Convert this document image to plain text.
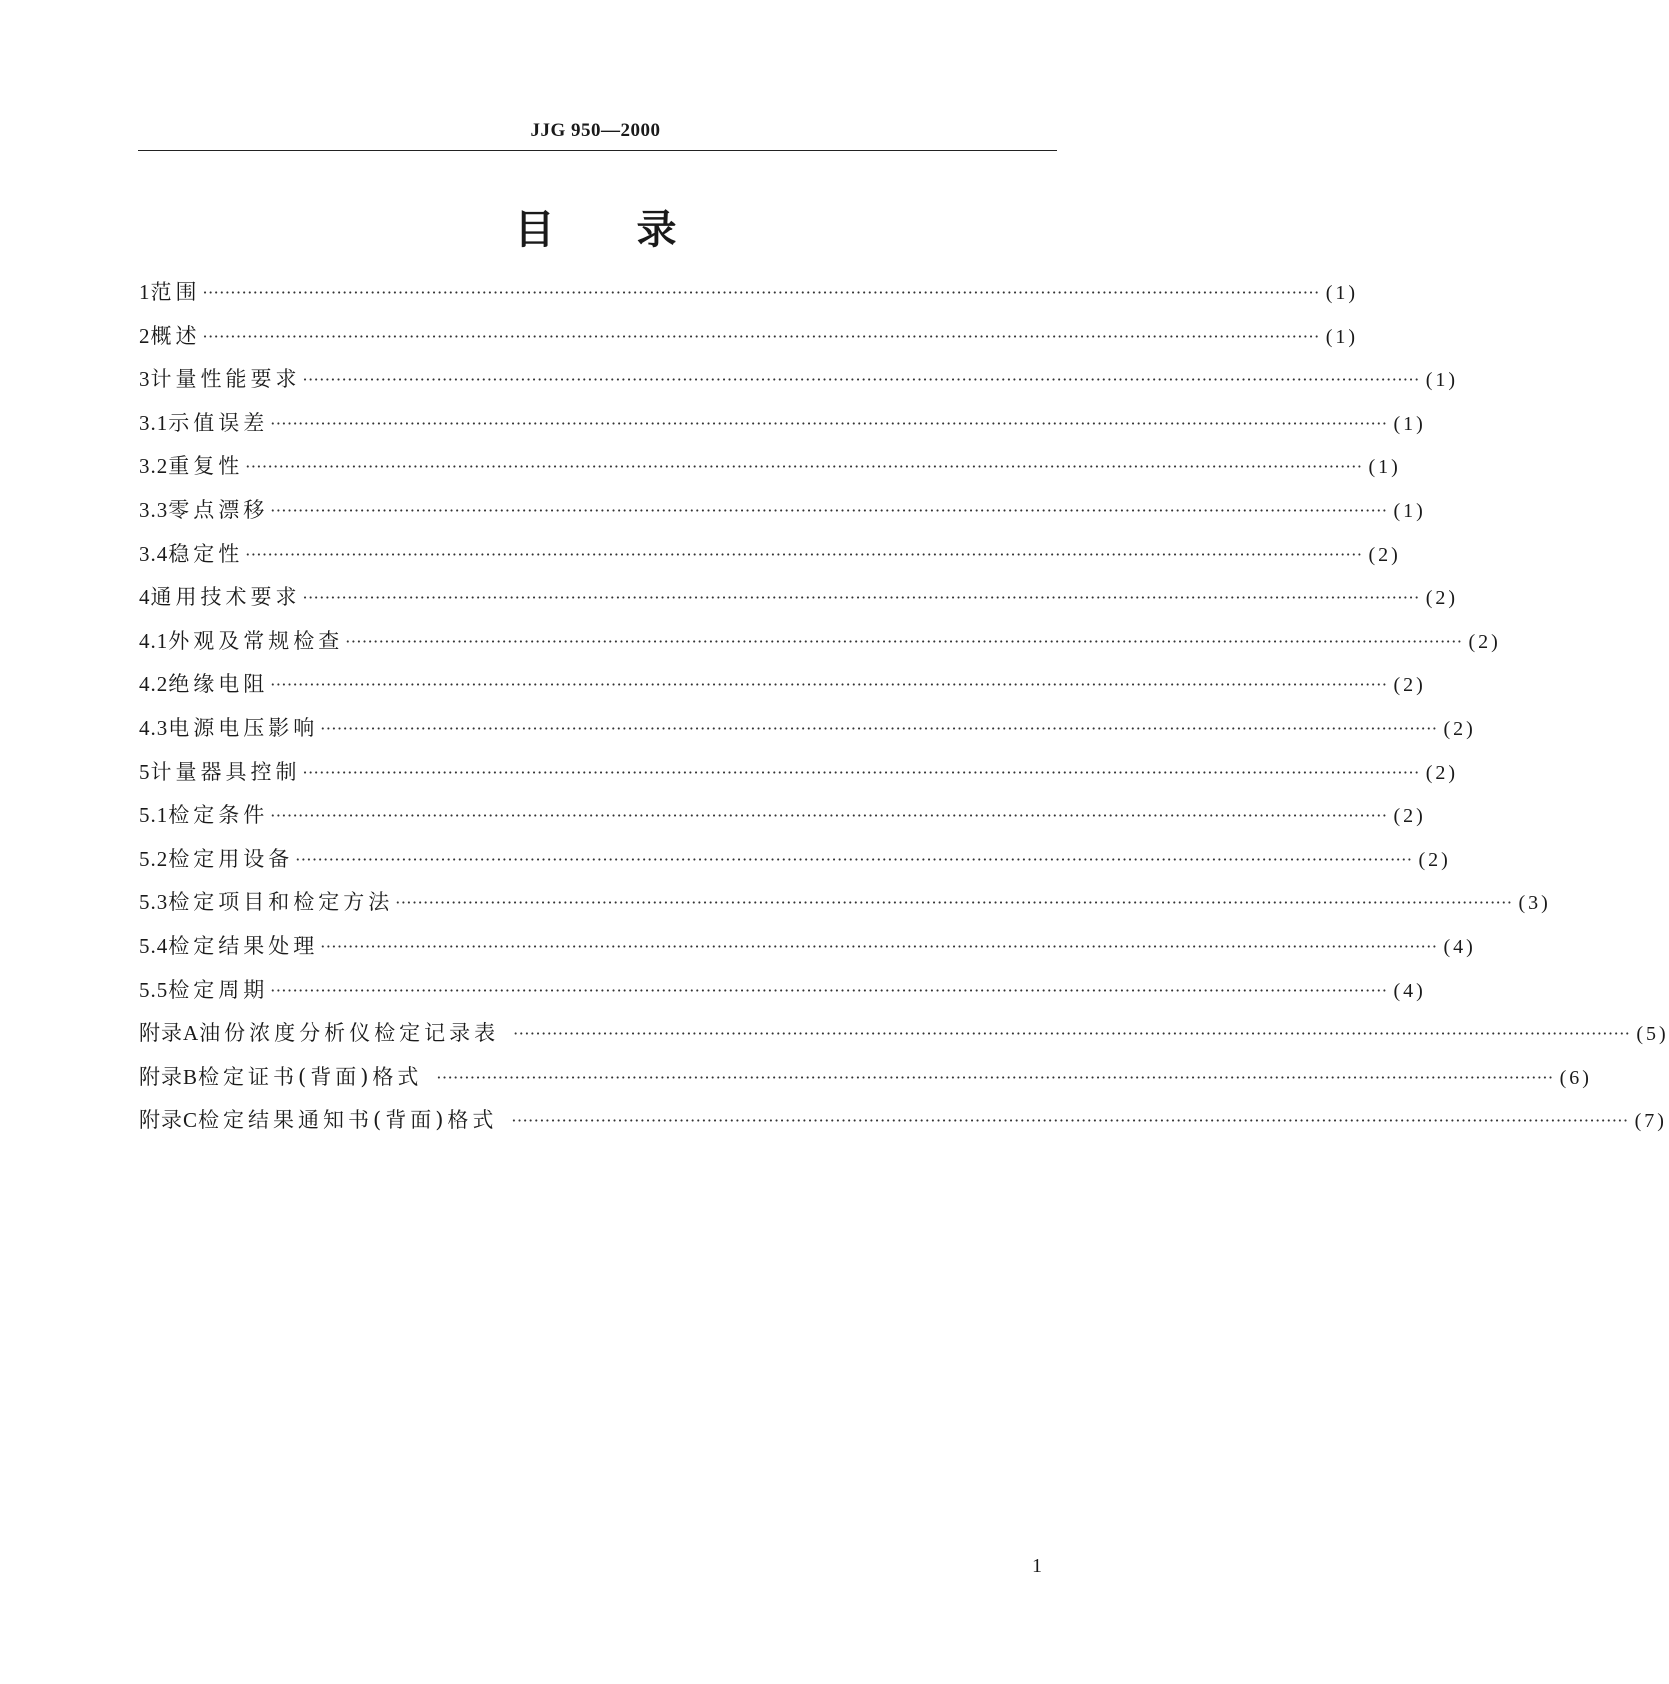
JJG 950—2000
目录
1 范围 ········································································································································································································ (1)
2 概述 ········································································································································································································ (1)
3 计量性能要求 ········································································································································································································ (1)
3.1 示值误差 ········································································································································································································ (1)
3.2 重复性 ········································································································································································································ (1)
3.3 零点漂移 ········································································································································································································ (1)
3.4 稳定性 ········································································································································································································ (2)
4 通用技术要求 ········································································································································································································ (2)
4.1 外观及常规检查 ········································································································································································································ (2)
4.2 绝缘电阻 ········································································································································································································ (2)
4.3 电源电压影响 ········································································································································································································ (2)
5 计量器具控制 ········································································································································································································ (2)
5.1 检定条件 ········································································································································································································ (2)
5.2 检定用设备 ········································································································································································································ (2)
5.3 检定项目和检定方法 ········································································································································································································ (3)
5.4 检定结果处理 ········································································································································································································ (4)
5.5 检定周期 ········································································································································································································ (4)
附录A 油份浓度分析仪检定记录表 ········································································································································································································ (5)
附录B 检定证书(背面)格式 ········································································································································································································ (6)
附录C 检定结果通知书(背面)格式 ········································································································································································································ (7)
1
